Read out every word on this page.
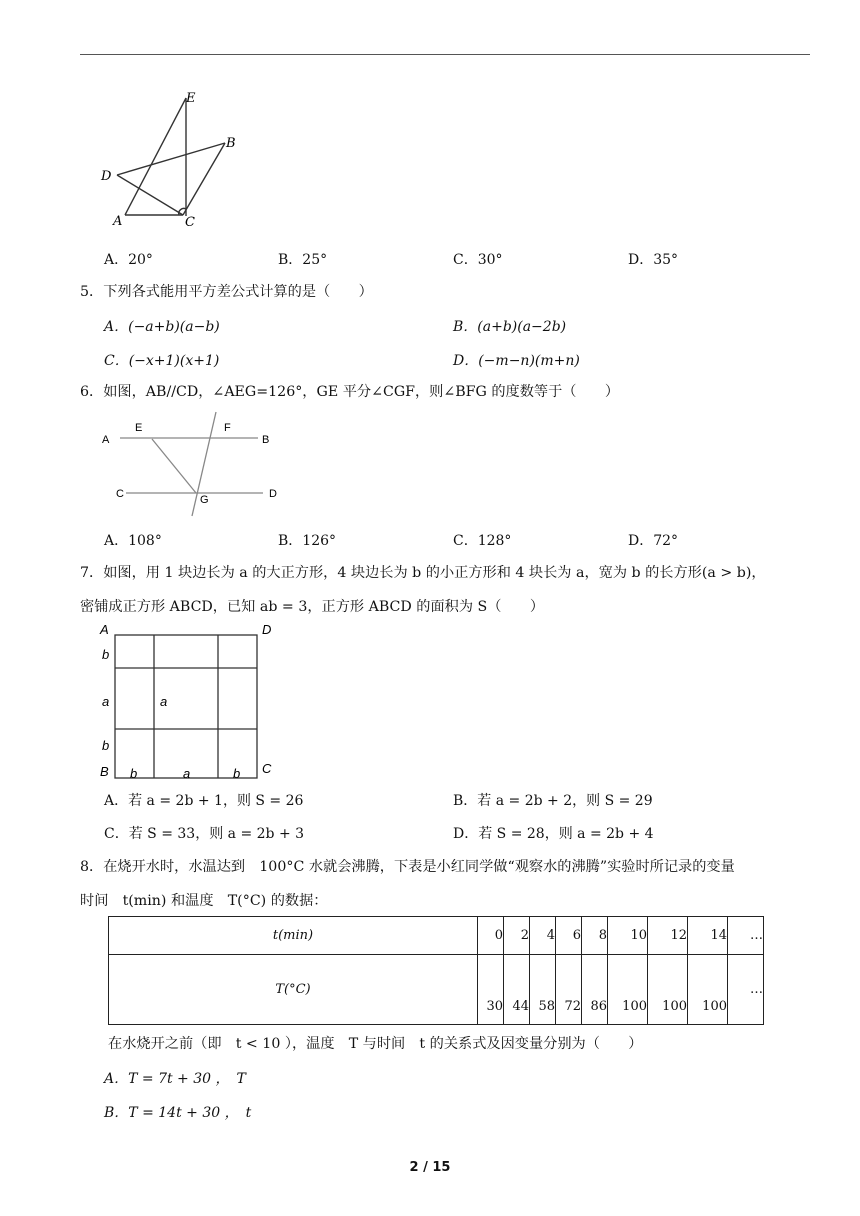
E
B
D
A	C
A．20°	B．25°	C．30°	D．35°
5．下列各式能用平方差公式计算的是（　　）
A．(−a+b)(a−b)	B．(a+b)(a−2b)
C．(−x+1)(x+1)	D．(−m−n)(m+n)
6．如图，AB//CD，∠AEG=126°，GE 平分∠CGF，则∠BFG 的度数等于（　　）
A
E	F
B
C	G	D
A．108°	B．126°	C．128°	D．72°
7．如图，用 1 块边长为 a 的大正方形，4 块边长为 b 的小正方形和 4 块长为 a，宽为 b 的长方形(a > b)，
密铺成正方形 ABCD，已知 ab = 3，正方形 ABCD 的面积为 S（　　）
A	D
B	C
b
a
b
a
b	a	b
A．若 a = 2b + 1，则 S = 26	B．若 a = 2b + 2，则 S = 29
C．若 S = 33，则 a = 2b + 3	D．若 S = 28，则 a = 2b + 4
8．在烧开水时，水温达到　100°C 水就会沸腾，下表是小红同学做“观察水的沸腾”实验时所记录的变量
时间　t(min) 和温度　T(°C) 的数据：
t(min)	0	2	4	6	8	10	12	14	…
T(°C)	30	44	58	72	86	100	100	100	…
在水烧开之前（即　t < 10 ），温度　T 与时间　t 的关系式及因变量分别为（　　）
A．T = 7t + 30 ，　T
B．T = 14t + 30 ，　t
2 / 15
